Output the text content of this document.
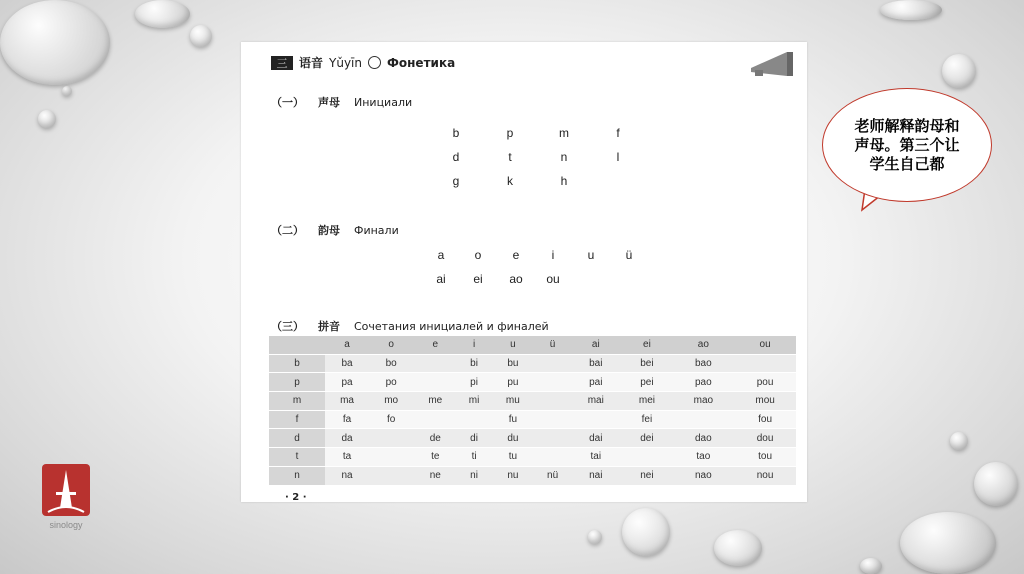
三 语音 Yǔyīn Фонетика
（一） 声母 Инициали
b	p	m	f
d	t	n	l
g	k	h
（二） 韵母 Финали
a	o	e	i	u	ü
ai	ei	ao ou
（三） 拼音 Сочетания инициалей и финалей
	a	o	e	i	u	ü	ai	ei	ao	ou
b	ba	bo		bi	bu		bai	bei	bao	
p	pa	po		pi	pu		pai	pei	pao	pou
m	ma	mo	me	mi	mu		mai	mei	mao	mou
f	fa	fo			fu			fei		fou
d	da		de	di	du		dai	dei	dao	dou
t	ta		te	ti	tu		tai		tao	tou
n	na		ne	ni	nu	nü	nai	nei	nao	nou
· 2 ·
老师解释韵母和声母。第三个让学生自己都
sinology
